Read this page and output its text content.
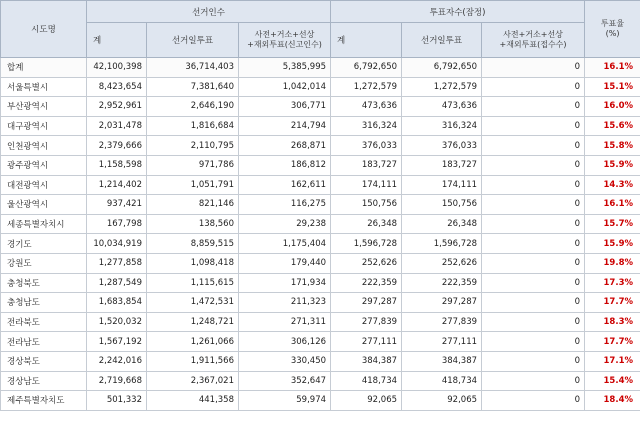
시도명	선거인수			투표자수(잠정)			투표율
(%)
	계	선거일투표	사전+거소+선상
+재외투표(신고인수)	계	선거일투표	사전+거소+선상
+재외투표(접수수)	
합계	42,100,398	36,714,403	5,385,995	6,792,650	6,792,650	0	16.1%
서울특별시	8,423,654	7,381,640	1,042,014	1,272,579	1,272,579	0	15.1%
부산광역시	2,952,961	2,646,190	306,771	473,636	473,636	0	16.0%
대구광역시	2,031,478	1,816,684	214,794	316,324	316,324	0	15.6%
인천광역시	2,379,666	2,110,795	268,871	376,033	376,033	0	15.8%
광주광역시	1,158,598	971,786	186,812	183,727	183,727	0	15.9%
대전광역시	1,214,402	1,051,791	162,611	174,111	174,111	0	14.3%
울산광역시	937,421	821,146	116,275	150,756	150,756	0	16.1%
세종특별자치시	167,798	138,560	29,238	26,348	26,348	0	15.7%
경기도	10,034,919	8,859,515	1,175,404	1,596,728	1,596,728	0	15.9%
강원도	1,277,858	1,098,418	179,440	252,626	252,626	0	19.8%
충청북도	1,287,549	1,115,615	171,934	222,359	222,359	0	17.3%
충청남도	1,683,854	1,472,531	211,323	297,287	297,287	0	17.7%
전라북도	1,520,032	1,248,721	271,311	277,839	277,839	0	18.3%
전라남도	1,567,192	1,261,066	306,126	277,111	277,111	0	17.7%
경상북도	2,242,016	1,911,566	330,450	384,387	384,387	0	17.1%
경상남도	2,719,668	2,367,021	352,647	418,734	418,734	0	15.4%
제주특별자치도	501,332	441,358	59,974	92,065	92,065	0	18.4%
